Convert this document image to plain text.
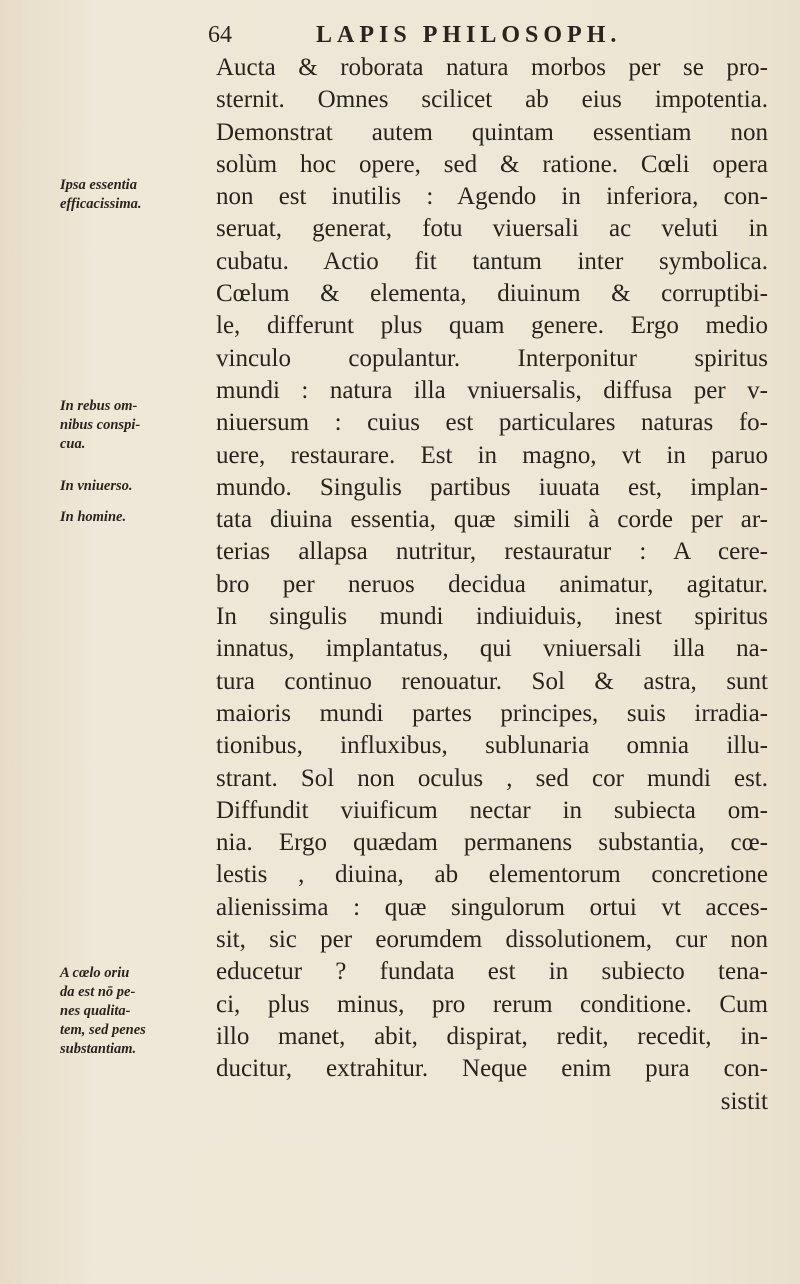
64	LAPIS PHILOSOPH.
Aucta & roborata natura morbos per se pro-
sternit. Omnes scilicet ab eius impotentia.
Demonstrat autem quintam essentiam non
solùm hoc opere, sed & ratione. Cœli opera
non est inutilis : Agendo in inferiora, con-
seruat, generat, fotu viuersali ac veluti in
cubatu. Actio fit tantum inter symbolica.
Cœlum & elementa, diuinum & corruptibi-
le, differunt plus quam genere. Ergo medio
vinculo copulantur. Interponitur spiritus
mundi : natura illa vniuersalis, diffusa per v-
niuersum : cuius est particulares naturas fo-
uere, restaurare. Est in magno, vt in paruo
mundo. Singulis partibus iuuata est, implan-
tata diuina essentia, quæ simili à corde per ar-
terias allapsa nutritur, restauratur : A cere-
bro per neruos decidua animatur, agitatur.
In singulis mundi indiuiduis, inest spiritus
innatus, implantatus, qui vniuersali illa na-
tura continuo renouatur. Sol & astra, sunt
maioris mundi partes principes, suis irradia-
tionibus, influxibus, sublunaria omnia illu-
strant. Sol non oculus , sed cor mundi est.
Diffundit viuificum nectar in subiecta om-
nia. Ergo quædam permanens substantia, cœ-
lestis , diuina, ab elementorum concretione
alienissima : quæ singulorum ortui vt acces-
sit, sic per eorumdem dissolutionem, cur non
educetur ? fundata est in subiecto tena-
ci, plus minus, pro rerum conditione. Cum
illo manet, abit, dispirat, redit, recedit, in-
ducitur, extrahitur. Neque enim pura con-
sistit
Ipsa essentia
efficacissima.
In rebus om-
nibus conspi-
cua.
In vniuerso.
In homine.
A cœlo oriu
da est nō pe-
nes qualita-
tem, sed penes
substantiam.
